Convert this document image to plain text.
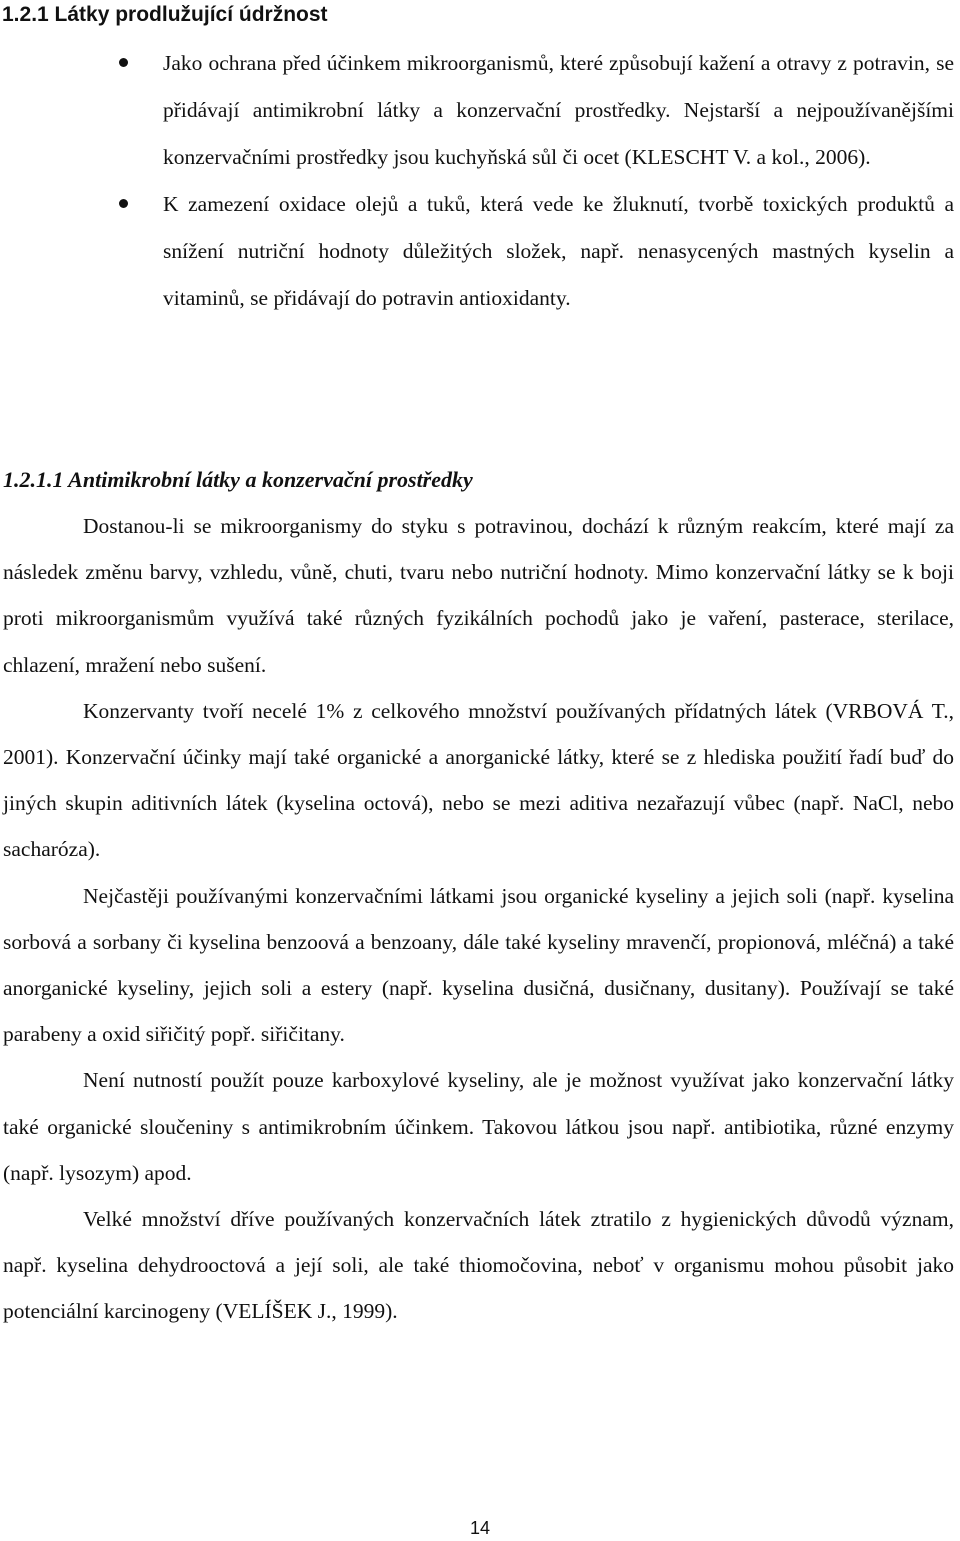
1.2.1 Látky prodlužující údržnost
Jako ochrana před účinkem mikroorganismů, které způsobují kažení a otravy z potravin, se přidávají antimikrobní látky a konzervační prostředky. Nejstarší a nejpoužívanějšími konzervačními prostředky jsou kuchyňská sůl či ocet (KLESCHT V. a kol., 2006).
K zamezení oxidace olejů a tuků, která vede ke žluknutí, tvorbě toxických produktů a snížení nutriční hodnoty důležitých složek, např. nenasycených mastných kyselin a vitaminů, se přidávají do potravin antioxidanty.
1.2.1.1 Antimikrobní látky a konzervační prostředky

Dostanou-li se mikroorganismy do styku s potravinou, dochází k různým reakcím, které mají za následek změnu barvy, vzhledu, vůně, chuti, tvaru nebo nutriční hodnoty. Mimo konzervační látky se k boji proti mikroorganismům využívá také různých fyzikálních pochodů jako je vaření, pasterace, sterilace, chlazení, mražení nebo sušení.

Konzervanty tvoří necelé 1% z celkového množství používaných přídatných látek (VRBOVÁ T., 2001). Konzervační účinky mají také organické a anorganické látky, které se z hlediska použití řadí buď do jiných skupin aditivních látek (kyselina octová), nebo se mezi aditiva nezařazují vůbec (např. NaCl, nebo sacharóza).

Nejčastěji používanými konzervačními látkami jsou organické kyseliny a jejich soli (např. kyselina sorbová a sorbany či kyselina benzoová a benzoany, dále také kyseliny mravenčí, propionová, mléčná) a také anorganické kyseliny, jejich soli a estery (např. kyselina dusičná, dusičnany, dusitany). Používají se také parabeny a oxid siřičitý popř. siřičitany.

Není nutností použít pouze karboxylové kyseliny, ale je možnost využívat jako konzervační látky také organické sloučeniny s antimikrobním účinkem. Takovou látkou jsou např. antibiotika, různé enzymy (např. lysozym) apod.

Velké množství dříve používaných konzervačních látek ztratilo z hygienických důvodů význam, např. kyselina dehydrooctová a její soli, ale také thiomočovina, neboť v organismu mohou působit jako potenciální karcinogeny (VELÍŠEK J., 1999).

14
